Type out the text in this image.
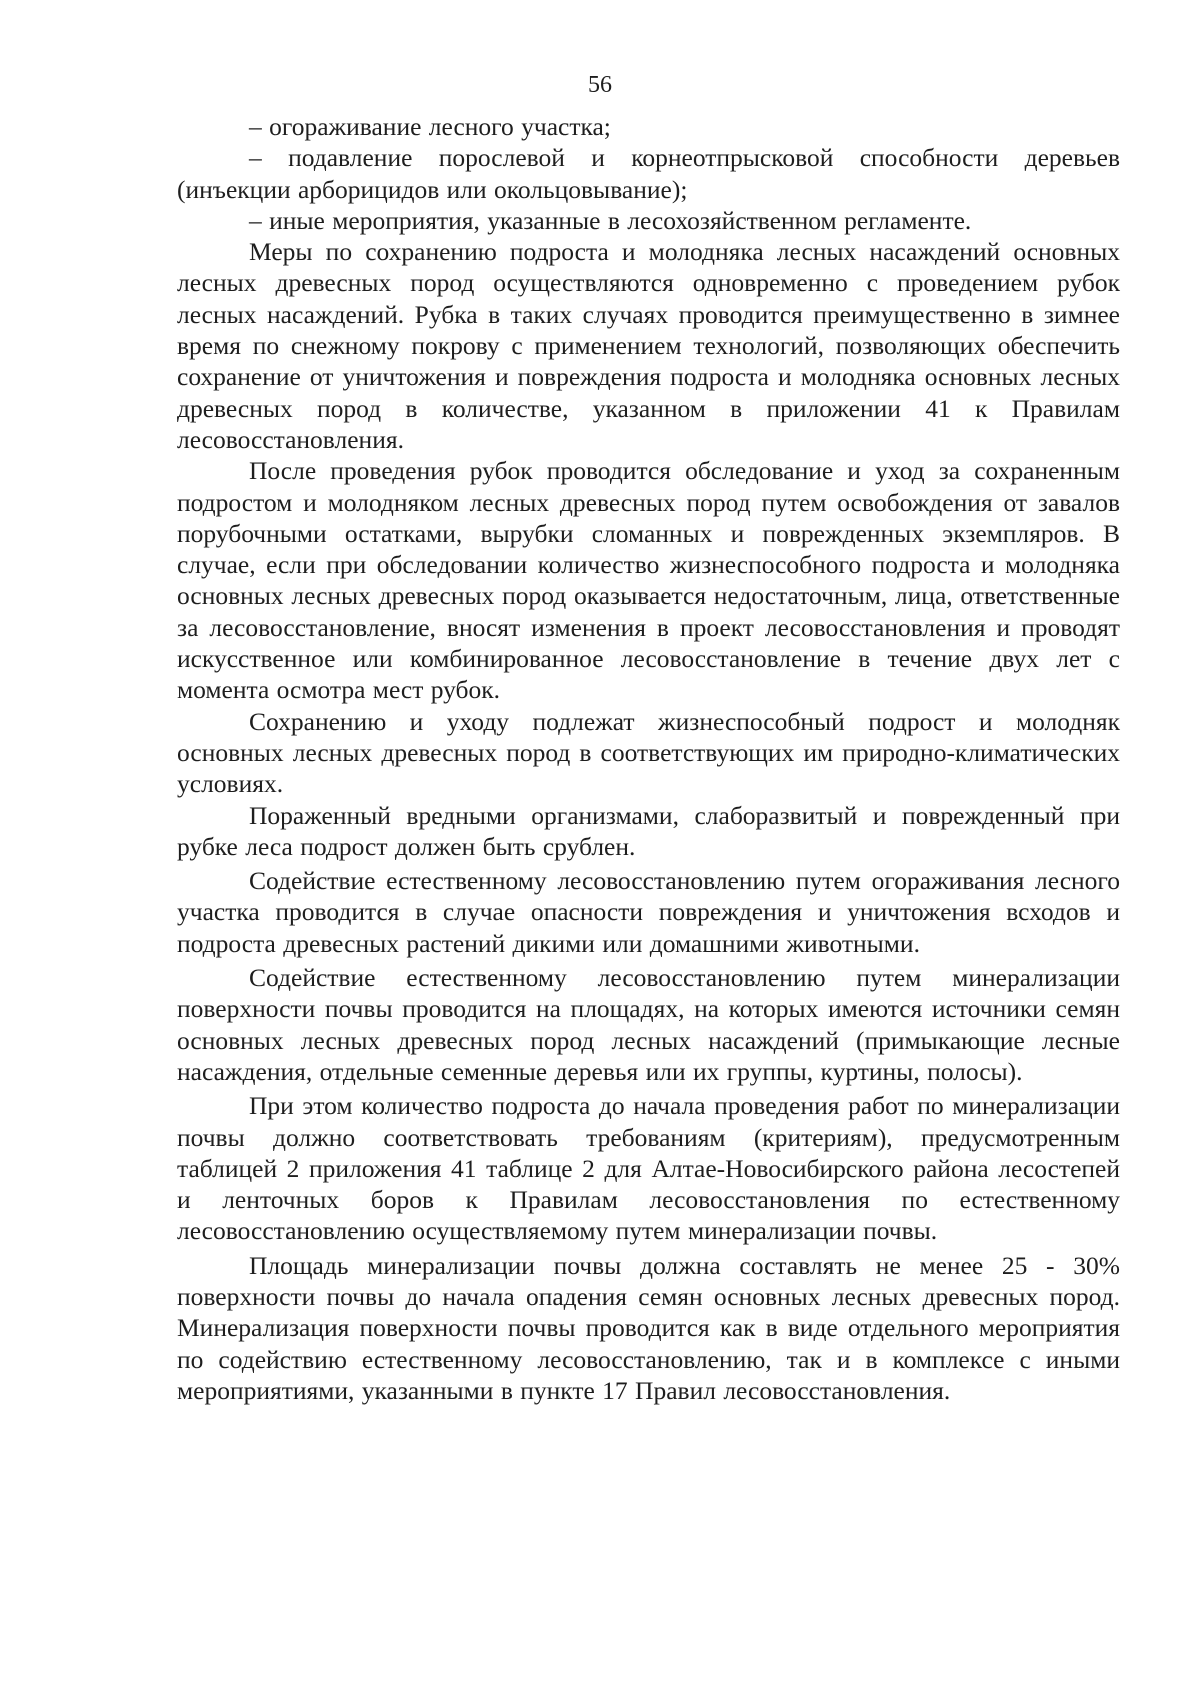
56

– огораживание лесного участка;

– подавление порослевой и корнеотпрысковой способности деревьев (инъекции арборицидов или окольцовывание);

– иные мероприятия, указанные в лесохозяйственном регламенте.

Меры по сохранению подроста и молодняка лесных насаждений основных лесных древесных пород осуществляются одновременно с проведением рубок лесных насаждений. Рубка в таких случаях проводится преимущественно в зимнее время по снежному покрову с применением технологий, позволяющих обеспечить сохранение от уничтожения и повреждения подроста и молодняка основных лесных древесных пород в количестве, указанном в приложении 41 к Правилам лесовосстановления.

После проведения рубок проводится обследование и уход за сохраненным подростом и молодняком лесных древесных пород путем освобождения от завалов порубочными остатками, вырубки сломанных и поврежденных экземпляров. В случае, если при обследовании количество жизнеспособного подроста и молодняка основных лесных древесных пород оказывается недостаточным, лица, ответственные за лесовосстановление, вносят изменения в проект лесовосстановления и проводят искусственное или комбинированное лесовосстановление в течение двух лет с момента осмотра мест рубок.

Сохранению и уходу подлежат жизнеспособный подрост и молодняк основных лесных древесных пород в соответствующих им природно-климатических условиях.

Пораженный вредными организмами, слаборазвитый и поврежденный при рубке леса подрост должен быть срублен.

Содействие естественному лесовосстановлению путем огораживания лесного участка проводится в случае опасности повреждения и уничтожения всходов и подроста древесных растений дикими или домашними животными.

Содействие естественному лесовосстановлению путем минерализации поверхности почвы проводится на площадях, на которых имеются источники семян основных лесных древесных пород лесных насаждений (примыкающие лесные насаждения, отдельные семенные деревья или их группы, куртины, полосы).

При этом количество подроста до начала проведения работ по минерализации почвы должно соответствовать требованиям (критериям), предусмотренным таблицей 2 приложения 41 таблице 2 для Алтае-Новосибирского района лесостепей и ленточных боров к Правилам лесовосстановления по естественному лесовосстановлению осуществляемому путем минерализации почвы.

Площадь минерализации почвы должна составлять не менее 25 - 30% поверхности почвы до начала опадения семян основных лесных древесных пород. Минерализация поверхности почвы проводится как в виде отдельного мероприятия по содействию естественному лесовосстановлению, так и в комплексе с иными мероприятиями, указанными в пункте 17 Правил лесовосстановления.
